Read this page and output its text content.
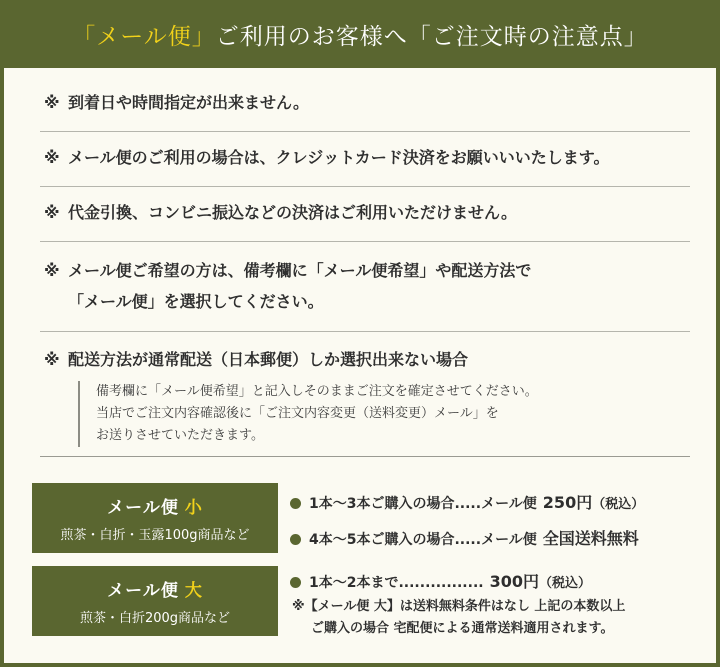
「メール便」ご利用のお客様へ「ご注文時の注意点」
※ 到着日や時間指定が出来ません。
※ メール便のご利用の場合は、クレジットカード決済をお願いいいたします。
※ 代金引換、コンビニ振込などの決済はご利用いただけません。
※ メール便ご希望の方は、備考欄に「メール便希望」や配送方法で
「メール便」を選択してください。
※ 配送方法が通常配送（日本郵便）しか選択出来ない場合
備考欄に「メール便希望」と記入しそのままご注文を確定させてください。
当店でご注文内容確認後に「ご注文内容変更（送料変更）メール」を
お送りさせていただきます。
メール便 小
煎茶・白折・玉露100g商品など
1本～3本ご購入の場合.....メール便 250円 （税込）
4本～5本ご購入の場合.....メール便 全国送料無料
メール便 大
煎茶・白折200g商品など
1本～2本まで................ 300円 （税込）
※【メール便 大】は送料無料条件はなし 上記の本数以上
ご購入の場合 宅配便による通常送料適用されます。
